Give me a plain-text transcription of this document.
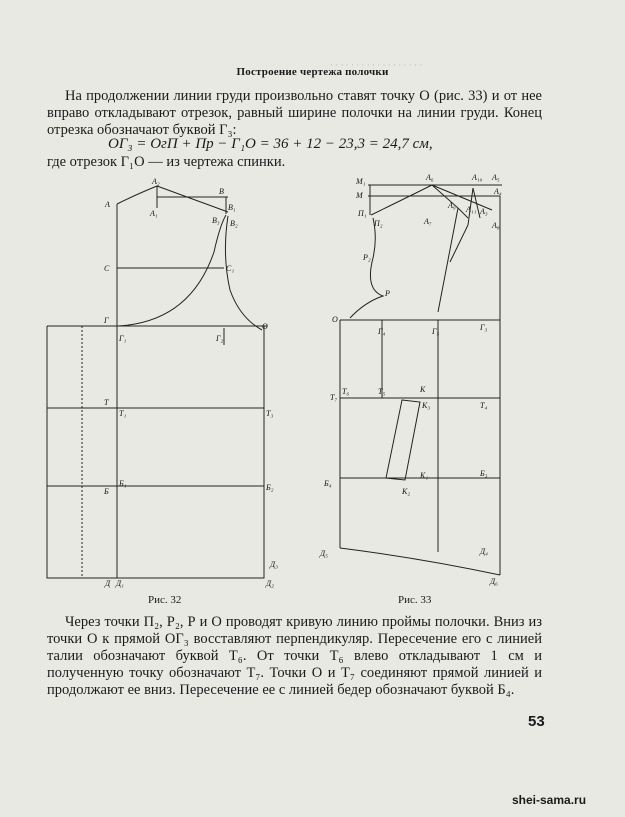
Построение чертежа полочки

На продолжении линии груди произвольно ставят точку О (рис. 33) и от нее вправо откладывают отрезок, равный ширине полочки на линии груди. Конец отрезка обозначают буквой Г₃:

ОГ₃ = ОгП + Пр − Г₁О = 36 + 12 − 23,3 = 24,7 см,
где отрезок Г₁О — из чертежа спинки.
· · · · · · · · · · · · · · · · · ·
А₂
А
В
А₁
В₁
В₃ В₂
С	С₁
Г
Г₁	Г₂
О
Т
Т₁	Т₃
Б
Б₁	Б₂
Д Д₁
Д₃
Д₂
М₁
М
А₆	А₁₀ А₅
А₄
А₉
А₇
А₁₁ А₃
А₈
П₁
П₂
Р₂
Р
О
Г₄	Г₅	Г₃
Т₆	Т₅	К
Т₄
Т₇
К₃
К₁
К₂
Б₄
Б₃
Д₅	Д₄
Д₆
Рис. 32	Рис. 33

Через точки П₂, Р₂, Р и О проводят кривую линию проймы полочки. Вниз из точки О к прямой ОГ₃ восставляют перпендикуляр. Пересечение его с линией талии обозначают буквой Т₆. От точки Т₆ влево откладывают 1 см и полученную точку обозначают Т₇. Точки О и Т₇ соединяют прямой линией и продолжают ее вниз. Пересечение ее с линией бедер обозначают буквой Б₄.

53
shei-sama.ru
